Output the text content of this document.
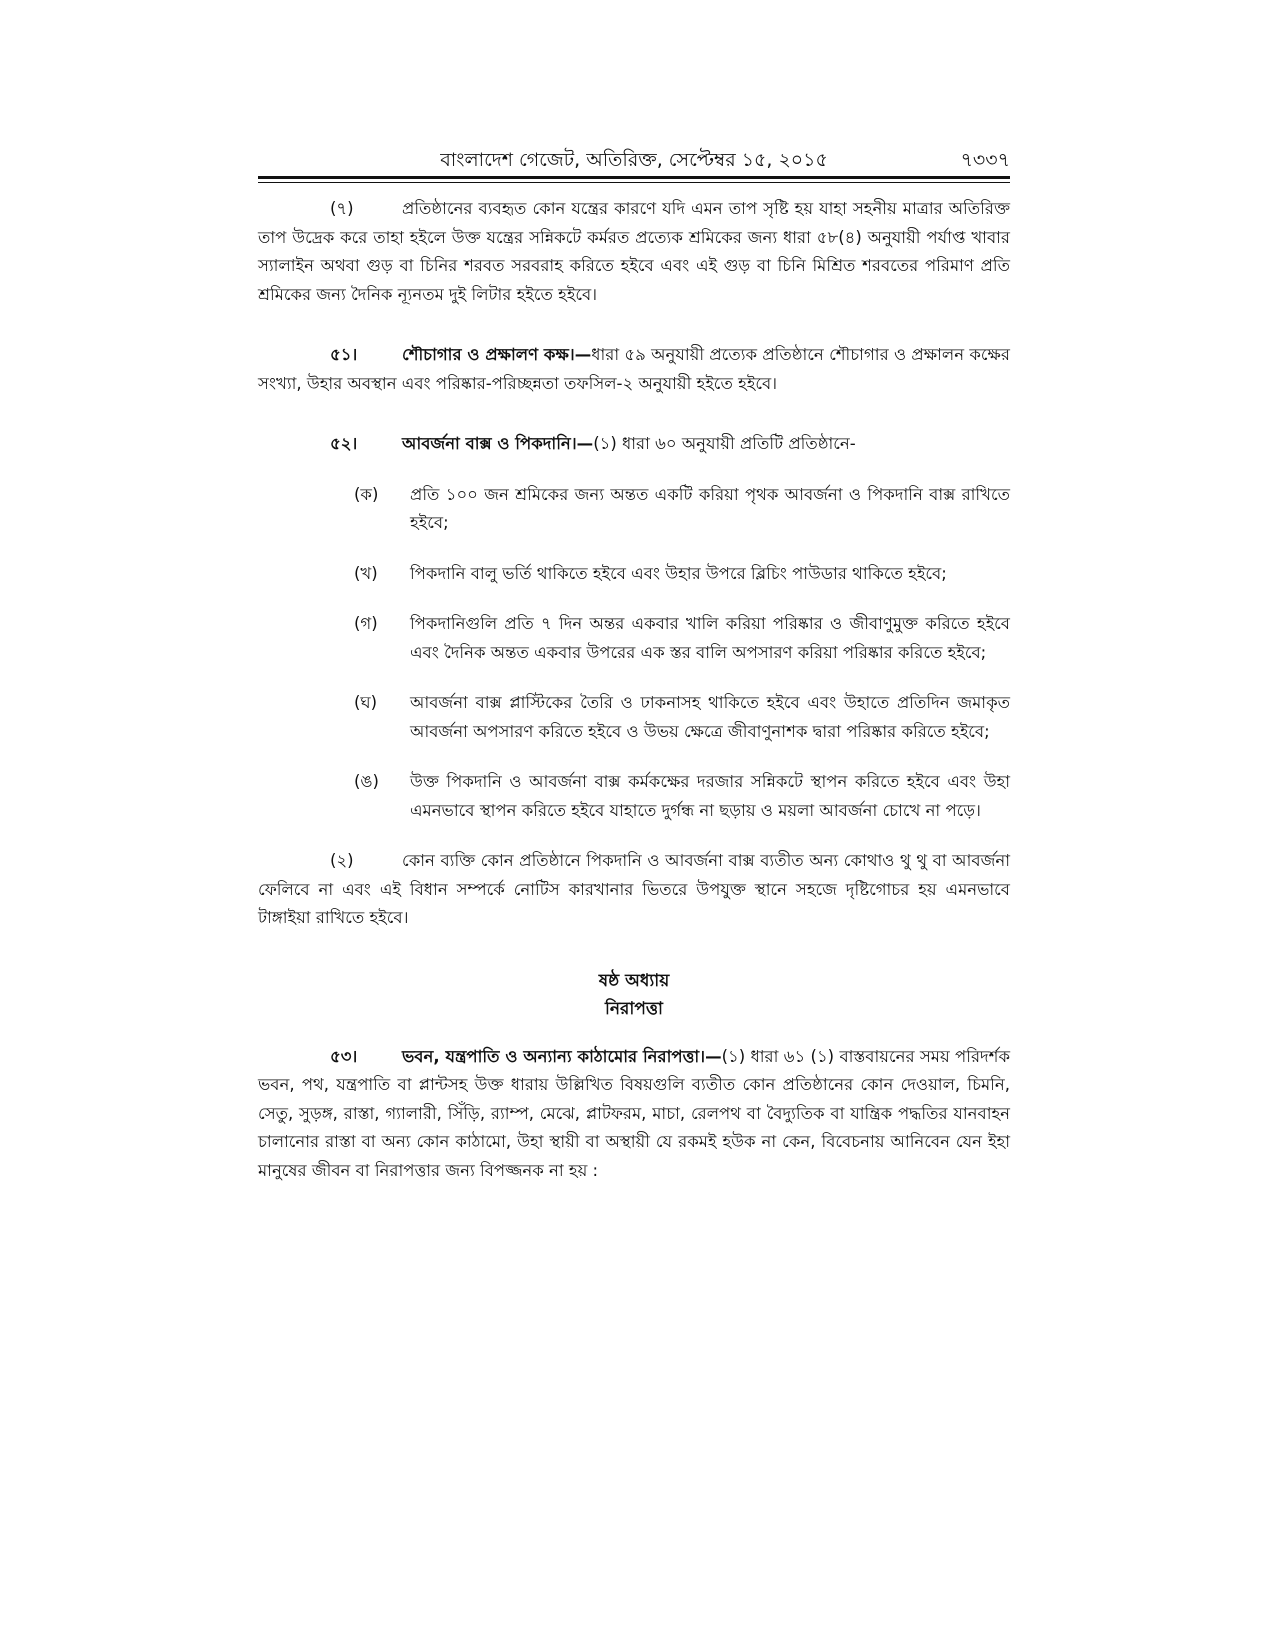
বাংলাদেশ গেজেট, অতিরিক্ত, সেপ্টেম্বর ১৫, ২০১৫	৭৩৩৭

(৭)	প্রতিষ্ঠানের ব্যবহৃত কোন যন্ত্রের কারণে যদি এমন তাপ সৃষ্টি হয় যাহা সহনীয় মাত্রার অতিরিক্ত তাপ উদ্রেক করে তাহা হইলে উক্ত যন্ত্রের সন্নিকটে কর্মরত প্রত্যেক শ্রমিকের জন্য ধারা ৫৮(৪) অনুযায়ী পর্যাপ্ত খাবার স্যালাইন অথবা গুড় বা চিনির শরবত সরবরাহ করিতে হইবে এবং এই গুড় বা চিনি মিশ্রিত শরবতের পরিমাণ প্রতি শ্রমিকের জন্য দৈনিক ন্যূনতম দুই লিটার হইতে হইবে।

৫১।	শৌচাগার ও প্রক্ষালণ কক্ষ।—ধারা ৫৯ অনুযায়ী প্রত্যেক প্রতিষ্ঠানে শৌচাগার ও প্রক্ষালন কক্ষের সংখ্যা, উহার অবস্থান এবং পরিষ্কার-পরিচ্ছন্নতা তফসিল-২ অনুযায়ী হইতে হইবে।

৫২।	আবর্জনা বাক্স ও পিকদানি।—(১) ধারা ৬০ অনুযায়ী প্রতিটি প্রতিষ্ঠানে-

(ক)	প্রতি ১০০ জন শ্রমিকের জন্য অন্তত একটি করিয়া পৃথক আবর্জনা ও পিকদানি বাক্স রাখিতে হইবে;
(খ)	পিকদানি বালু ভর্তি থাকিতে হইবে এবং উহার উপরে ব্লিচিং পাউডার থাকিতে হইবে;
(গ)	পিকদানিগুলি প্রতি ৭ দিন অন্তর একবার খালি করিয়া পরিষ্কার ও জীবাণুমুক্ত করিতে হইবে এবং দৈনিক অন্তত একবার উপরের এক স্তর বালি অপসারণ করিয়া পরিষ্কার করিতে হইবে;
(ঘ)	আবর্জনা বাক্স প্লাস্টিকের তৈরি ও ঢাকনাসহ থাকিতে হইবে এবং উহাতে প্রতিদিন জমাকৃত আবর্জনা অপসারণ করিতে হইবে ও উভয় ক্ষেত্রে জীবাণুনাশক দ্বারা পরিষ্কার করিতে হইবে;
(ঙ)	উক্ত পিকদানি ও আবর্জনা বাক্স কর্মকক্ষের দরজার সন্নিকটে স্থাপন করিতে হইবে এবং উহা এমনভাবে স্থাপন করিতে হইবে যাহাতে দুর্গন্ধ না ছড়ায় ও ময়লা আবর্জনা চোখে না পড়ে।

(২)	কোন ব্যক্তি কোন প্রতিষ্ঠানে পিকদানি ও আবর্জনা বাক্স ব্যতীত অন্য কোথাও থু থু বা আবর্জনা ফেলিবে না এবং এই বিধান সম্পর্কে নোটিস কারখানার ভিতরে উপযুক্ত স্থানে সহজে দৃষ্টিগোচর হয় এমনভাবে টাঙ্গাইয়া রাখিতে হইবে।

ষষ্ঠ অধ্যায়
নিরাপত্তা

৫৩।	ভবন, যন্ত্রপাতি ও অন্যান্য কাঠামোর নিরাপত্তা।—(১) ধারা ৬১ (১) বাস্তবায়নের সময় পরিদর্শক ভবন, পথ, যন্ত্রপাতি বা প্লান্টসহ উক্ত ধারায় উল্লিখিত বিষয়গুলি ব্যতীত কোন প্রতিষ্ঠানের কোন দেওয়াল, চিমনি, সেতু, সুড়ঙ্গ, রাস্তা, গ্যালারী, সিঁড়ি, র‌্যাম্প, মেঝে, প্লাটফরম, মাচা, রেলপথ বা বৈদ্যুতিক বা যান্ত্রিক পদ্ধতির যানবাহন চালানোর রাস্তা বা অন্য কোন কাঠামো, উহা স্থায়ী বা অস্থায়ী যে রকমই হউক না কেন, বিবেচনায় আনিবেন যেন ইহা মানুষের জীবন বা নিরাপত্তার জন্য বিপজ্জনক না হয় :
